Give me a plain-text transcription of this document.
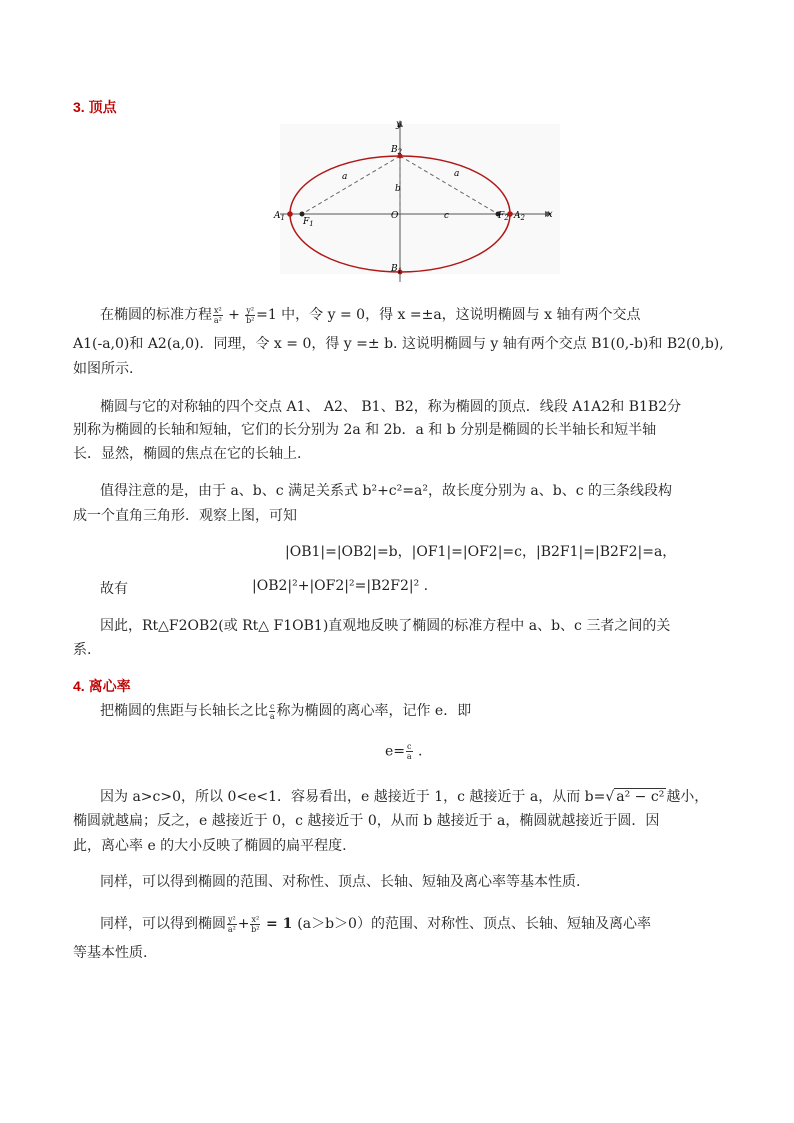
3. 顶点
y
x
O
a	a
b
c
$A_1$	$A_2$
$F_1$
$F_2$
$B_2$
$B_1$
在椭圆的标准方程 $\frac{\text{x²}}{\text{a²}} + \frac{\text{y²}}{\text{b²}} =1$ 中，令 y = 0，得 x =±a，这说明椭圆与 x 轴有两个交点
A1(-a,0)和 A2(a,0)．同理，令 x = 0，得 y =± b. 这说明椭圆与 y 轴有两个交点 B1(0,-b)和 B2(0,b),
如图所示.
椭圆与它的对称轴的四个交点 A1、 A2、 B1、B2，称为椭圆的顶点．线段 A1A2和 B1B2分
别称为椭圆的长轴和短轴，它们的长分别为 2a 和 2b．a 和 b 分别是椭圆的长半轴长和短半轴
长．显然，椭圆的焦点在它的长轴上.
值得注意的是，由于 a、b、c 满足关系式 b²+c²=a²，故长度分别为 a、b、c 的三条线段构
成一个直角三角形．观察上图，可知
|OB1|=|OB2|=b，|OF1|=|OF2|=c，|B2F1|=|B2F2|=a，
故有	|OB2|²+|OF2|²=|B2F2|² .
因此，Rt△F2OB2(或 Rt△ F1OB1)直观地反映了椭圆的标准方程中 a、b、c 三者之间的关
系.
4. 离心率
把椭圆的焦距与长轴长之比 $\frac{c}{a}$ 称为椭圆的离心率，记作 e．即
$e= \frac{c}{a}$ .
因为 a>c>0，所以 0<e<1．容易看出，e 越接近于 1，c 越接近于 a，从而 b=√ a² − c² 越小，
椭圆就越扁；反之，e 越接近于 0，c 越接近于 0，从而 b 越接近于 a，椭圆就越接近于圆．因
此，离心率 e 的大小反映了椭圆的扁平程度.
同样，可以得到椭圆的范围、对称性、顶点、长轴、短轴及离心率等基本性质.
同样，可以得到椭圆 $\frac{\text{y²}}{\text{a²}} + \frac{\text{x²}}{\text{b²}} = 1$ (a＞b＞0）的范围、对称性、顶点、长轴、短轴及离心率
等基本性质.
